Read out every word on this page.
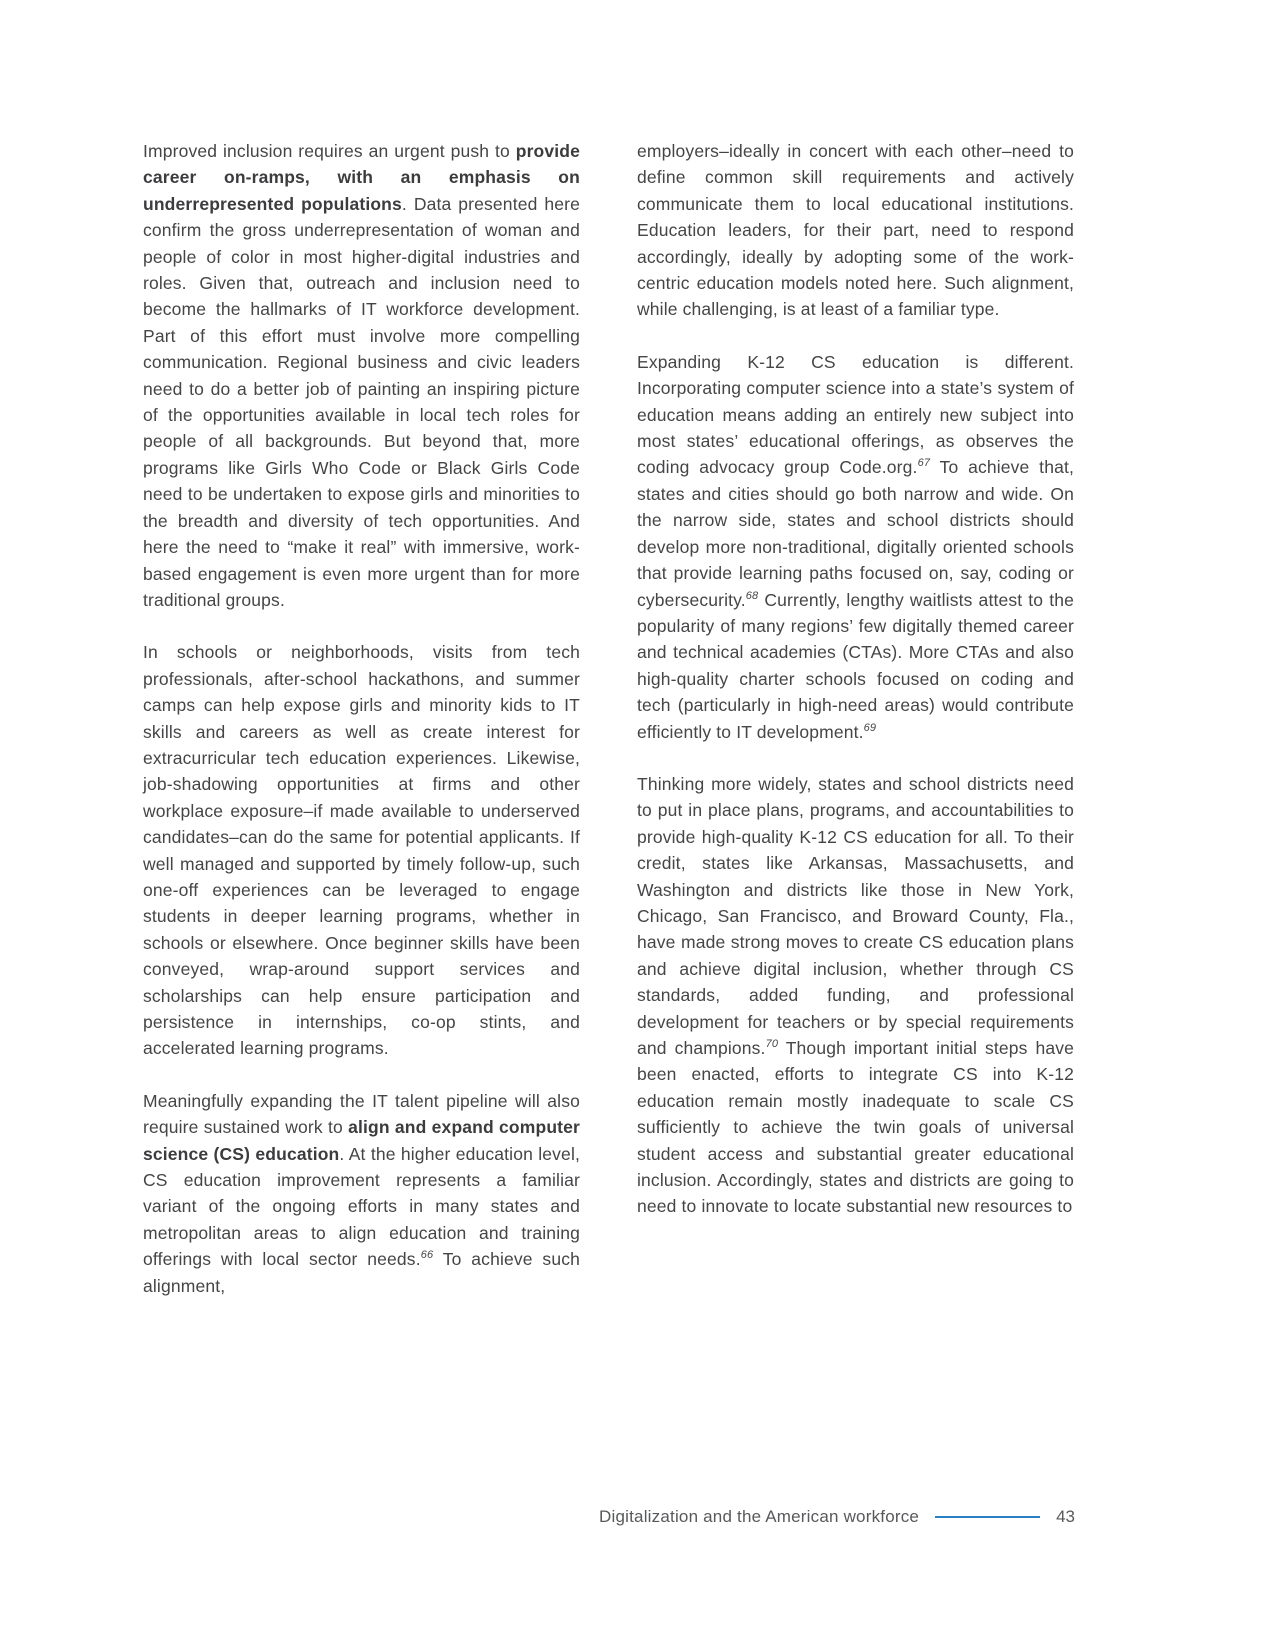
Improved inclusion requires an urgent push to provide career on-ramps, with an emphasis on underrepresented populations. Data presented here confirm the gross underrepresentation of woman and people of color in most higher-digital industries and roles. Given that, outreach and inclusion need to become the hallmarks of IT workforce development. Part of this effort must involve more compelling communication. Regional business and civic leaders need to do a better job of painting an inspiring picture of the opportunities available in local tech roles for people of all backgrounds. But beyond that, more programs like Girls Who Code or Black Girls Code need to be undertaken to expose girls and minorities to the breadth and diversity of tech opportunities. And here the need to “make it real” with immersive, work-based engagement is even more urgent than for more traditional groups.

In schools or neighborhoods, visits from tech professionals, after-school hackathons, and summer camps can help expose girls and minority kids to IT skills and careers as well as create interest for extracurricular tech education experiences. Likewise, job-shadowing opportunities at firms and other workplace exposure–if made available to underserved candidates–can do the same for potential applicants. If well managed and supported by timely follow-up, such one-off experiences can be leveraged to engage students in deeper learning programs, whether in schools or elsewhere. Once beginner skills have been conveyed, wrap-around support services and scholarships can help ensure participation and persistence in internships, co-op stints, and accelerated learning programs.

Meaningfully expanding the IT talent pipeline will also require sustained work to align and expand computer science (CS) education. At the higher education level, CS education improvement represents a familiar variant of the ongoing efforts in many states and metropolitan areas to align education and training offerings with local sector needs.$^{66}$ To achieve such alignment,

employers–ideally in concert with each other–need to define common skill requirements and actively communicate them to local educational institutions. Education leaders, for their part, need to respond accordingly, ideally by adopting some of the work-centric education models noted here. Such alignment, while challenging, is at least of a familiar type.

Expanding K-12 CS education is different. Incorporating computer science into a state’s system of education means adding an entirely new subject into most states’ educational offerings, as observes the coding advocacy group Code.org.$^{67}$ To achieve that, states and cities should go both narrow and wide. On the narrow side, states and school districts should develop more non-traditional, digitally oriented schools that provide learning paths focused on, say, coding or cybersecurity.$^{68}$ Currently, lengthy waitlists attest to the popularity of many regions’ few digitally themed career and technical academies (CTAs). More CTAs and also high-quality charter schools focused on coding and tech (particularly in high-need areas) would contribute efficiently to IT development.$^{69}$

Thinking more widely, states and school districts need to put in place plans, programs, and accountabilities to provide high-quality K-12 CS education for all. To their credit, states like Arkansas, Massachusetts, and Washington and districts like those in New York, Chicago, San Francisco, and Broward County, Fla., have made strong moves to create CS education plans and achieve digital inclusion, whether through CS standards, added funding, and professional development for teachers or by special requirements and champions.$^{70}$ Though important initial steps have been enacted, efforts to integrate CS into K-12 education remain mostly inadequate to scale CS sufficiently to achieve the twin goals of universal student access and substantial greater educational inclusion. Accordingly, states and districts are going to need to innovate to locate substantial new resources to

Digitalization and the American workforce	43
